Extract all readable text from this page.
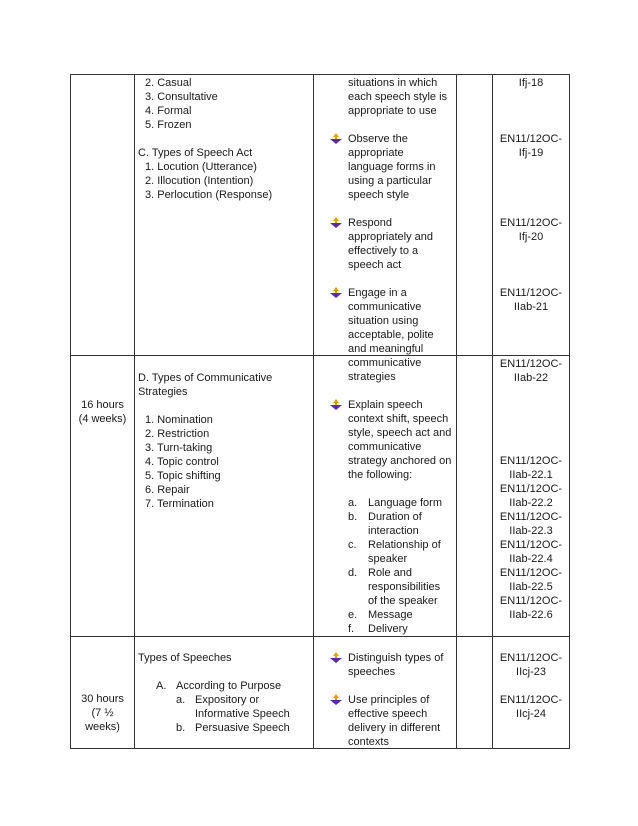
16 hours
(4 weeks)
30 hours
(7 ½
weeks)
2. Casual
3. Consultative
4. Formal
5. Frozen
C. Types of Speech Act
1. Locution (Utterance)
2. Illocution (Intention)
3. Perlocution (Response)
D. Types of Communicative
Strategies
1. Nomination
2. Restriction
3. Turn-taking
4. Topic control
5. Topic shifting
6. Repair
7. Termination
Types of Speeches
A. According to Purpose
a. Expository or
Informative Speech
b. Persuasive Speech
situations in which
each speech style is
appropriate to use
Observe the
appropriate
language forms in
using a particular
speech style
Respond
appropriately and
effectively to a
speech act
Engage in a
communicative
situation using
acceptable, polite
and meaningful
communicative
strategies
Explain speech
context shift, speech
style, speech act and
communicative
strategy anchored on
the following:
a. Language form
b. Duration of
interaction
c.	Relationship of
speaker
d. Role and
responsibilities
of the speaker
e. Message
f.	Delivery
Distinguish types of
speeches
Use principles of
effective speech
delivery in different
contexts
Ifj-18
EN11/12OC-
Ifj-19
EN11/12OC-
Ifj-20
EN11/12OC-
IIab-21
EN11/12OC-
IIab-22
EN11/12OC-
IIab-22.1
EN11/12OC-
IIab-22.2
EN11/12OC-
IIab-22.3
EN11/12OC-
IIab-22.4
EN11/12OC-
IIab-22.5
EN11/12OC-
IIab-22.6
EN11/12OC-
IIcj-23
EN11/12OC-
IIcj-24
